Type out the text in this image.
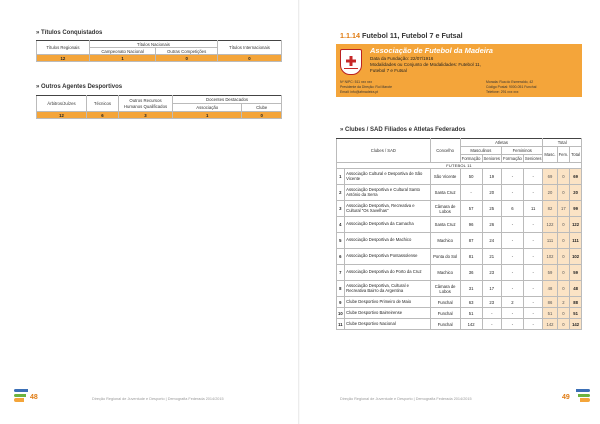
» Títulos Conquistados
Títulos Regionais	Títulos Nacionais		Títulos Internacionais
	Campeonato Nacional	Outras Competições	
12	1	0	0
» Outros Agentes Desportivos
Árbitros/Juízes	Técnicos	Outros Recursos Humanos Qualificados	Docentes Destacados	
			Associação	Clube
12	6	3	1	0
48	Direção Regional de Juventude e Desporto | Demografia Federada 2014/2015
1.1.14 Futebol 11, Futebol 7 e Futsal
Associação de Futebol da Madeira
Data da Fundação: 22/07/1916
Modalidades ou Conjunto de Modalidades: Futebol 11,
Futebol 7 e Futsal
Nº NIPC: 511 xxx xxx
Presidente da Direção: Rui Marote
Email: info@afmadeira.pt
Morada: Rua do Esmeraldo, 42
Código Postal: 9000-051 Funchal
Telefone: 291 xxx xxx
» Clubes / SAD Filiados e Atletas Federados
Clubes / SAD		Concelho	Atletas				Total		
			Masculinos		Femininos		Masc.	Fem.	Total
			Formação	Seniores	Formação	Seniores			
FUTEBOL 11									
1	Associação Cultural e Desportiva de São Vicente	São Vicente	50	19	-	-	69	0	69
2	Associação Desportiva e Cultural Santo António da Serra	Santa Cruz	-	20	-	-	20	0	20
3	Associação Desportiva, Recreativa e Cultural "Os Xavelhas"	Câmara de Lobos	57	25	6	11	82	17	99
4	Associação Desportiva da Camacha	Santa Cruz	96	26	-	-	122	0	122
5	Associação Desportiva de Machico	Machico	87	24	-	-	111	0	111
6	Associação Desportiva Pontassolense	Ponta do Sol	81	21	-	-	102	0	102
7	Associação Desportiva do Porto da Cruz	Machico	36	23	-	-	59	0	59
8	Associação Desportiva, Cultural e Recreativa Bairro da Argentina	Câmara de Lobos	31	17	-	-	48	0	48
9	Clube Desportivo Primeiro de Maio	Funchal	63	23	2	-	86	2	88
10	Clube Desportivo Bairreirense	Funchal	51	-	-	-	51	0	51
11	Clube Desportivo Nacional	Funchal	142	-	-	-	142	0	142
Direção Regional de Juventude e Desporto | Demografia Federada 2014/2015	49
